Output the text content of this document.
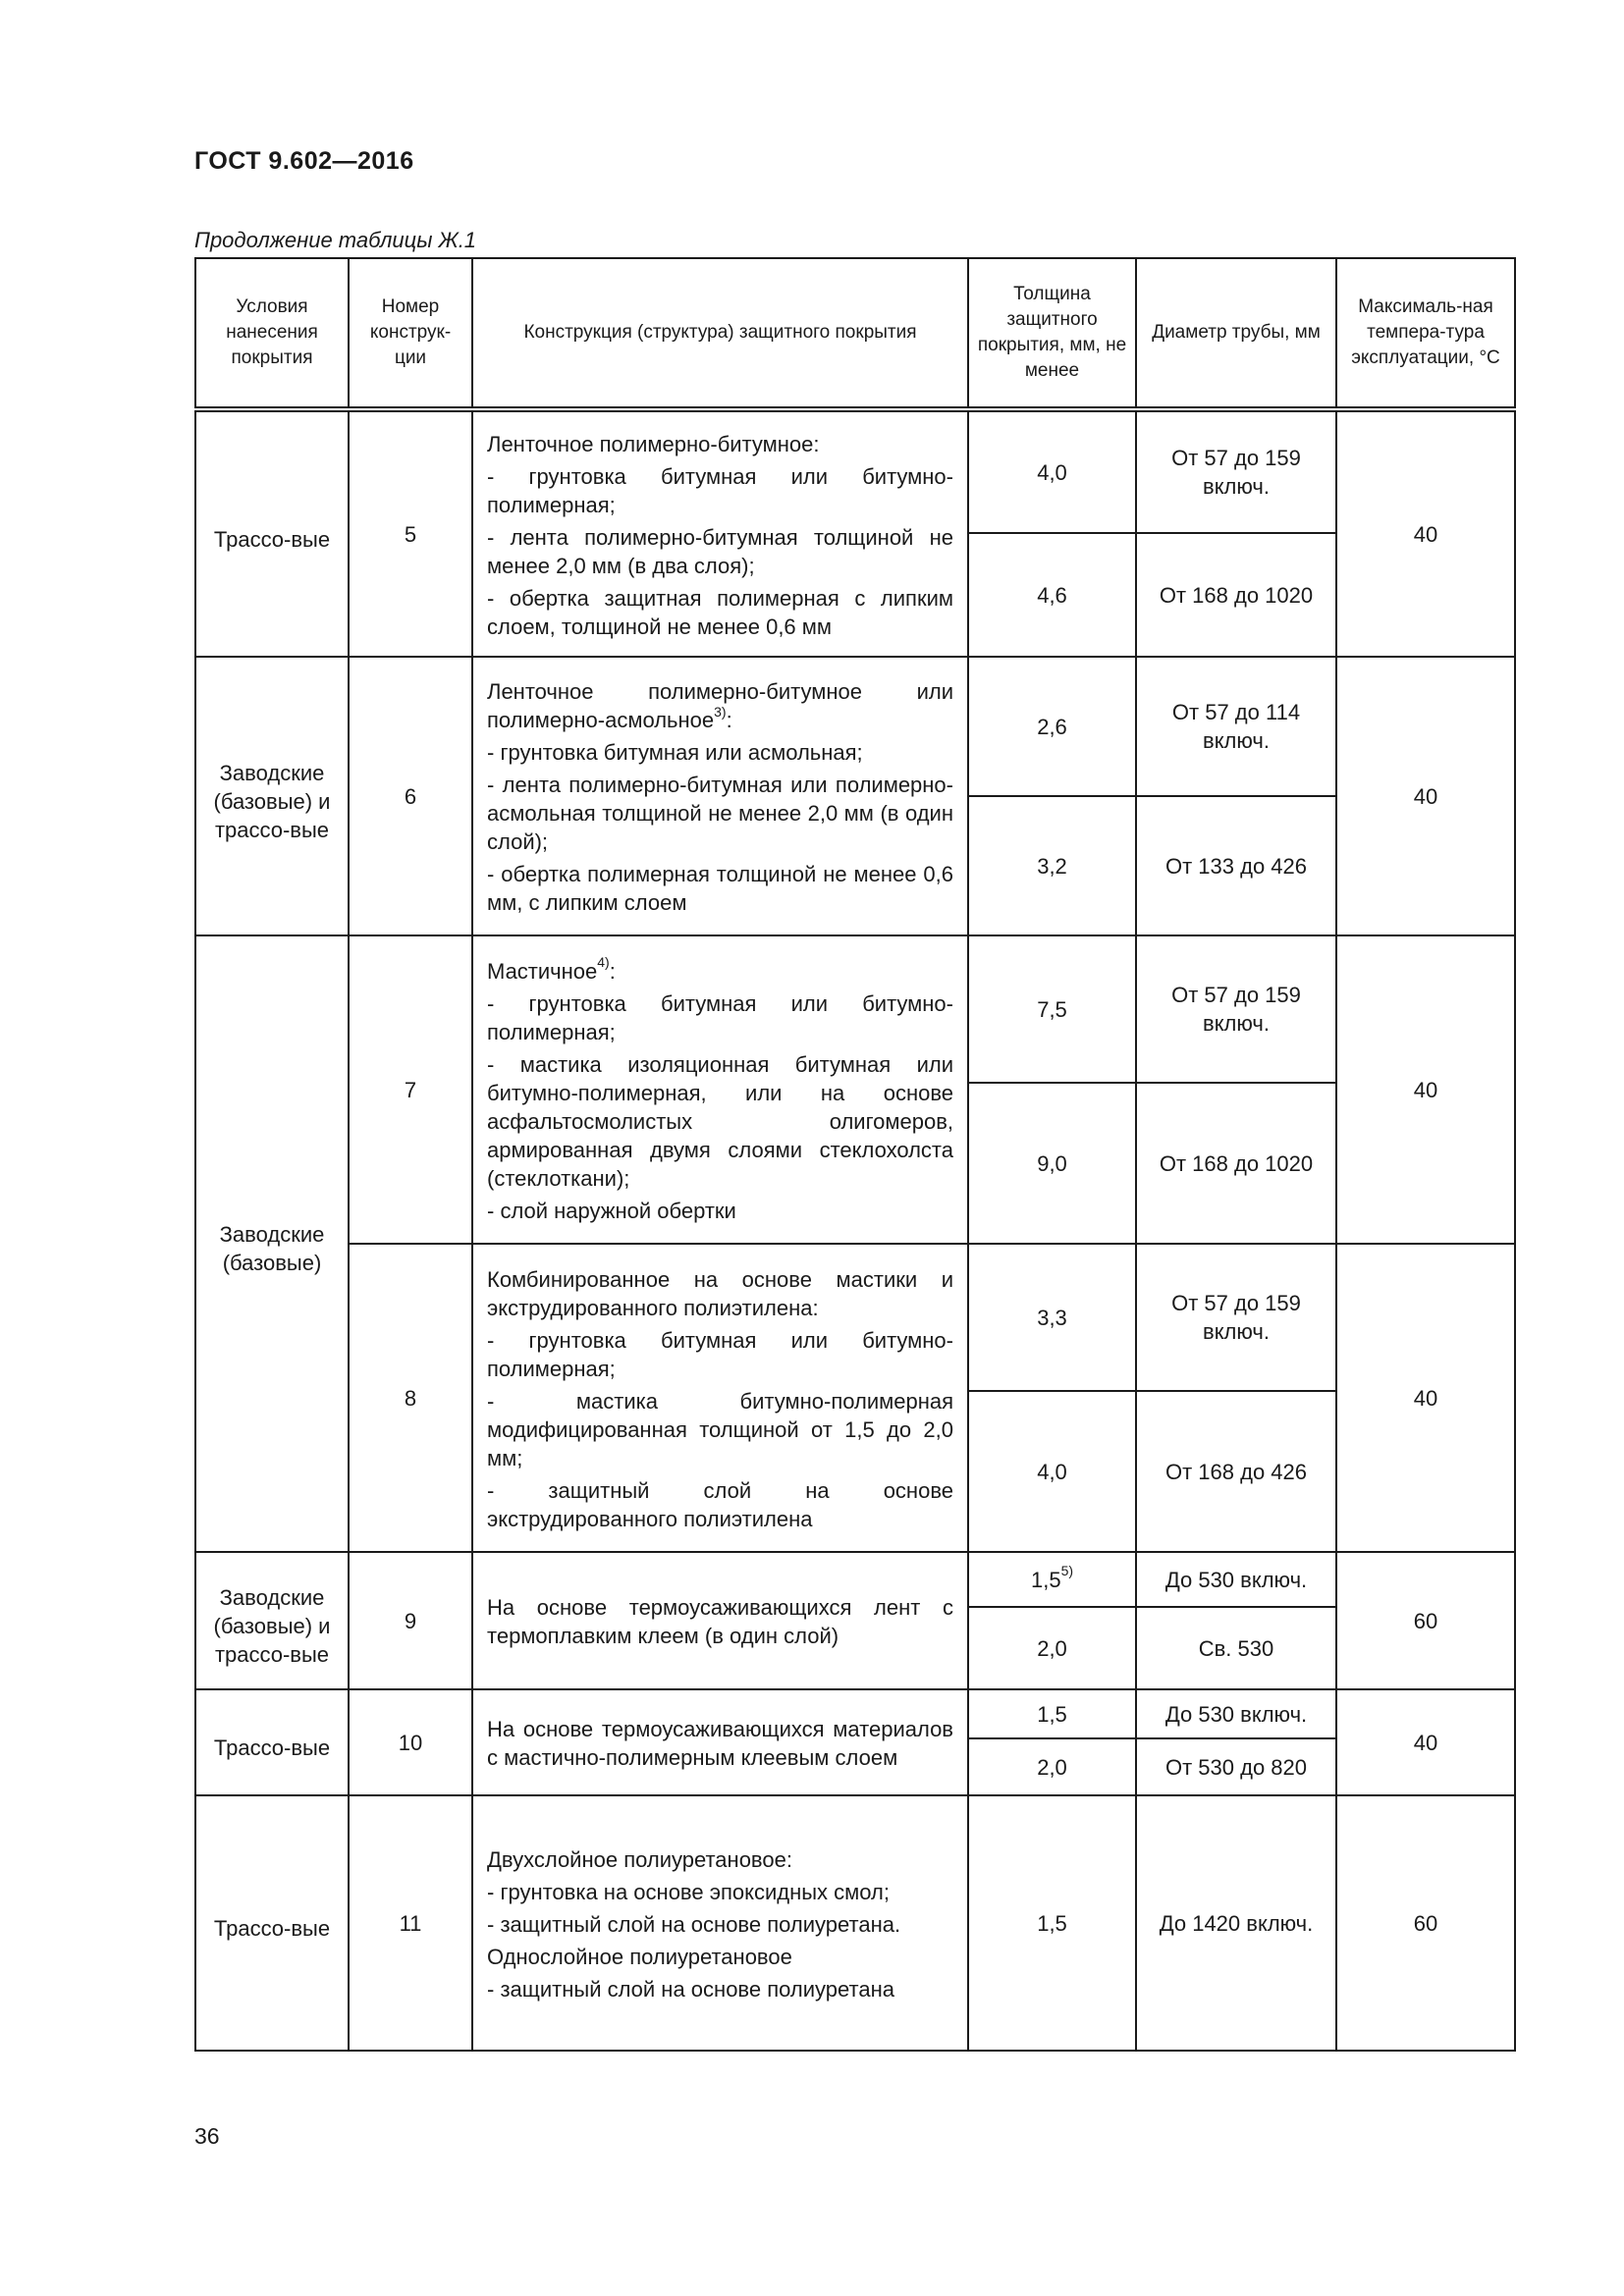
ГОСТ 9.602—2016
Продолжение таблицы Ж.1
Условия нанесения покрытия	Номер конструк-ции	Конструкция (структура) защитного покрытия	Толщина защитного покрытия, мм, не менее	Диаметр трубы, мм	Максималь-ная темпера-тура эксплуатации, °С
Трассо-вые	5	Ленточное полимерно-битумное:

- грунтовка битумная или битумно-полимерная;

- лента полимерно-битумная толщиной не менее 2,0 мм (в два слоя);

- обертка защитная полимерная с липким слоем, толщиной не менее 0,6 мм	4,0	От 57 до 159 включ.	40
			4,6	От 168 до 1020	
Заводские (базовые) и трассо-вые	6	Ленточное полимерно-битумное или полимерно-асмольное$^{3)}$:

- грунтовка битумная или асмольная;

- лента полимерно-битумная или полимерно-асмольная толщиной не менее 2,0 мм (в один слой);

- обертка полимерная толщиной не менее 0,6 мм, с липким слоем	2,6	От 57 до 114 включ.	40
			3,2	От 133 до 426	
Заводские (базовые)	7	Мастичное$^{4)}$:

- грунтовка битумная или битумно-полимерная;

- мастика изоляционная битумная или битумно-полимерная, или на основе асфальтосмолистых олигомеров, армированная двумя слоями стеклохолста (стеклоткани);

- слой наружной обертки	7,5	От 57 до 159 включ.	40
			9,0	От 168 до 1020	
	8	Комбинированное на основе мастики и экструдированного полиэтилена:

- грунтовка битумная или битумно-полимерная;

- мастика битумно-полимерная модифицированная толщиной от 1,5 до 2,0 мм;

- защитный слой на основе экструдированного полиэтилена	3,3	От 57 до 159 включ.	40
			4,0	От 168 до 426	
Заводские (базовые) и трассо-вые	9	На основе термоусаживающихся лент с термоплавким клеем (в один слой)	1,5$^{5)}$	До 530 включ.	60
			2,0	Св. 530	
Трассо-вые	10	На основе термоусаживающихся материалов с мастично-полимерным клеевым слоем	1,5	До 530 включ.	40
			2,0	От 530 до 820	
Трассо-вые	11	Двухслойное полиуретановое:

- грунтовка на основе эпоксидных смол;

- защитный слой на основе полиуретана.

Однослойное полиуретановое

- защитный слой на основе полиуретана	1,5	До 1420 включ.	60
36
